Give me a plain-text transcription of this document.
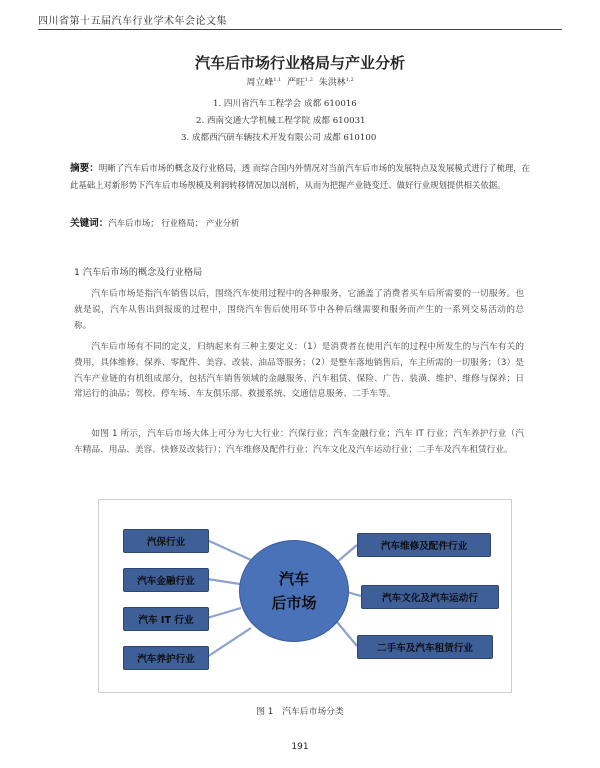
四川省第十五届汽车行业学术年会论文集
汽车后市场行业格局与产业分析
周立峰$^{1,1}$ 严旺$^{1,2}$ 朱洪林$^{1,2}$
1. 四川省汽车工程学会 成都 610016
2. 西南交通大学机械工程学院 成都 610031
3. 成都西汽研车辆技术开发有限公司 成都 610100
摘要：明晰了汽车后市场的概念及行业格局，透 而综合国内外情况对当前汽车后市场的发展特点及发展模式进行了梳理，在此基础上对新形势下汽车后市场规模及利润转移情况加以剖析，从而为把握产业链变迁、做好行业规划提供相关依据。
关键词：汽车后市场； 行业格局； 产业分析
1 汽车后市场的概念及行业格局
汽车后市场是指汽车销售以后，围绕汽车使用过程中的各种服务，它涵盖了消费者买车后所需要的一切服务。也就是说，汽车从售出到报废的过程中，围绕汽车售后使用环节中各种后继需要和服务而产生的一系列交易活动的总称。
汽车后市场有不同的定义，归纳起来有三种主要定义：（1）是消费者在使用汽车的过程中所发生的与汽车有关的费用，具体维修、保养、零配件、美容、改装、油品等服务；（2）是整车落地销售后，车主所需的一切服务；（3）是汽车产业链的有机组成部分，包括汽车销售领域的金融服务、汽车租赁、保险、广告、装潢、维护、维修与保养；日常运行的油品；驾校、停车场、车友俱乐部、救援系统、交通信息服务、二手车等。
如图 1 所示，汽车后市场大体上可分为七大行业：汽保行业；汽车金融行业；汽车 IT 行业；汽车养护行业（汽车精品、用品、美容、快修及改装行）；汽车维修及配件行业；汽车文化及汽车运动行业；二手车及汽车租赁行业。
汽保行业
汽车金融行业
汽车 IT 行业
汽车养护行业
汽车
后市场
汽车维修及配件行业
汽车文化及汽车运动行
二手车及汽车租赁行业
图 1　汽车后市场分类
191
